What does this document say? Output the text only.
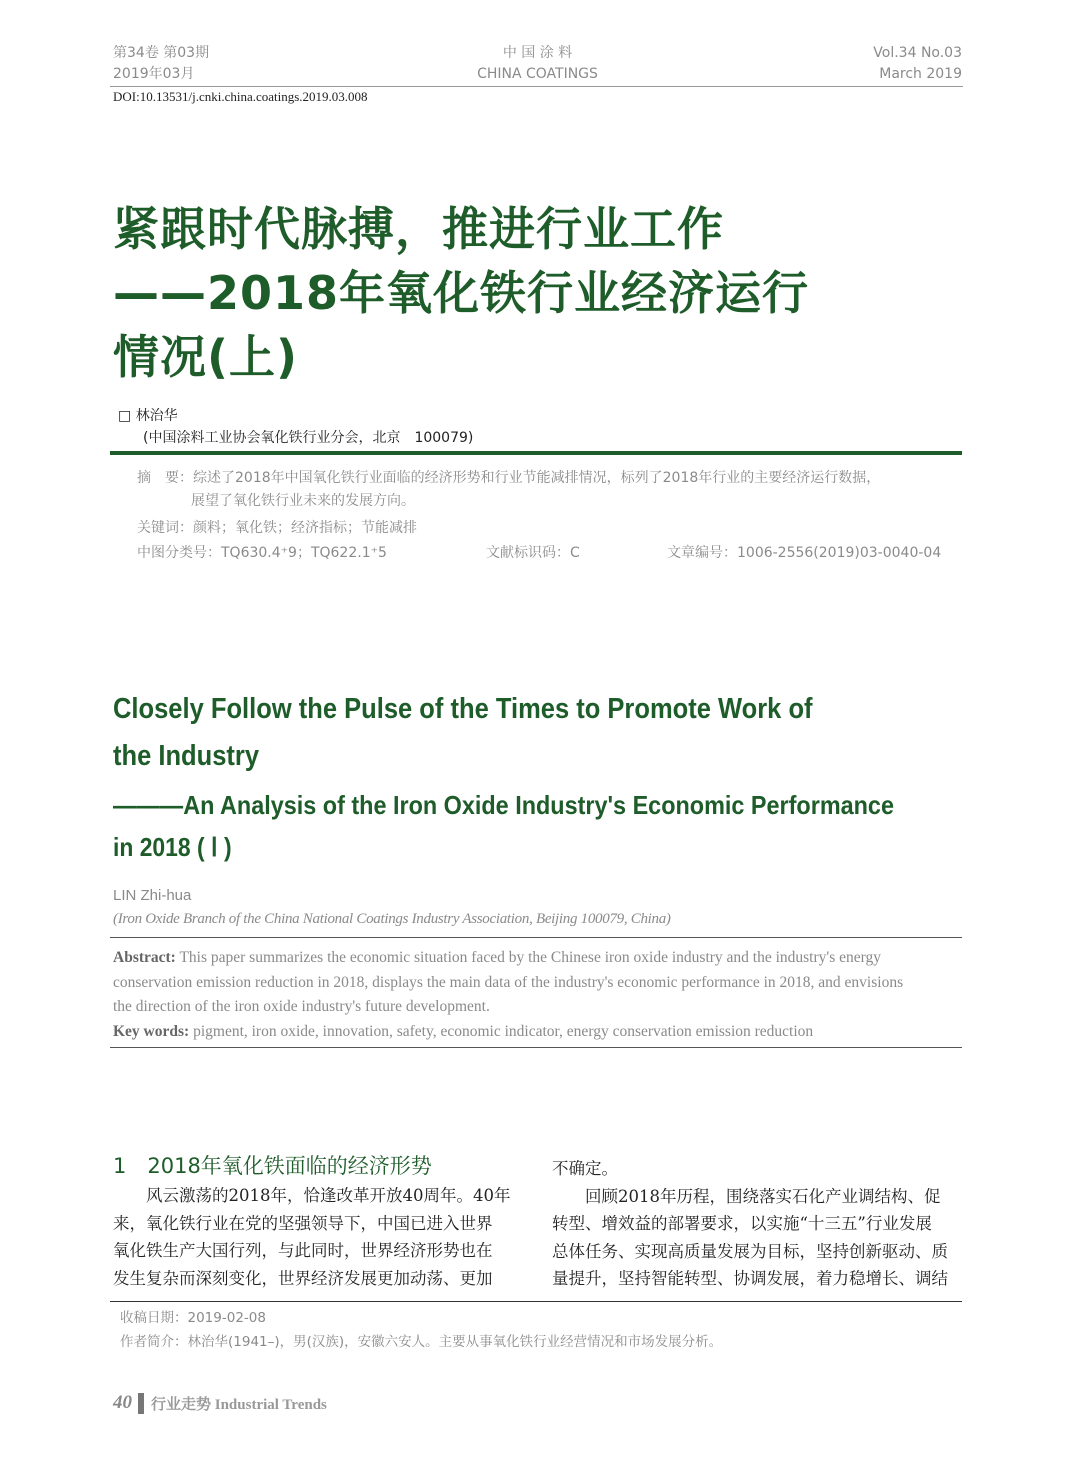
第34卷 第03期
2019年03月
中 国 涂 料
CHINA COATINGS
Vol.34 No.03
March 2019
DOI:10.13531/j.cnki.china.coatings.2019.03.008
紧跟时代脉搏，推进行业工作
——2018年氧化铁行业经济运行
情况(上)
□ 林治华
(中国涂料工业协会氧化铁行业分会，北京　100079)
摘　要：综述了2018年中国氧化铁行业面临的经济形势和行业节能减排情况，标列了2018年行业的主要经济运行数据，
展望了氧化铁行业未来的发展方向。
关键词：颜料；氧化铁；经济指标；节能减排
中图分类号：TQ630.4⁺9；TQ622.1⁺5	文献标识码：C	文章编号：1006-2556(2019)03-0040-04
Closely Follow the Pulse of the Times to Promote Work of
the Industry
———An Analysis of the Iron Oxide Industry's Economic Performance
in 2018 ( Ⅰ )
LIN Zhi-hua
(Iron Oxide Branch of the China National Coatings Industry Association, Beijing 100079, China)
Abstract: This paper summarizes the economic situation faced by the Chinese iron oxide industry and the industry's energy
conservation emission reduction in 2018, displays the main data of the industry's economic performance in 2018, and envisions
the direction of the iron oxide industry's future development.
Key words: pigment, iron oxide, innovation, safety, economic indicator, energy conservation emission reduction
1　2018年氧化铁面临的经济形势
　　风云激荡的2018年，恰逢改革开放40周年。40年
来，氧化铁行业在党的坚强领导下，中国已进入世界
氧化铁生产大国行列，与此同时，世界经济形势也在
发生复杂而深刻变化，世界经济发展更加动荡、更加
不确定。
　　回顾2018年历程，围绕落实石化产业调结构、促
转型、增效益的部署要求，以实施“十三五”行业发展
总体任务、实现高质量发展为目标，坚持创新驱动、质
量提升，坚持智能转型、协调发展，着力稳增长、调结
收稿日期：2019-02-08
作者简介：林治华(1941–)，男(汉族)，安徽六安人。主要从事氧化铁行业经营情况和市场发展分析。
40 行业走势 Industrial Trends
